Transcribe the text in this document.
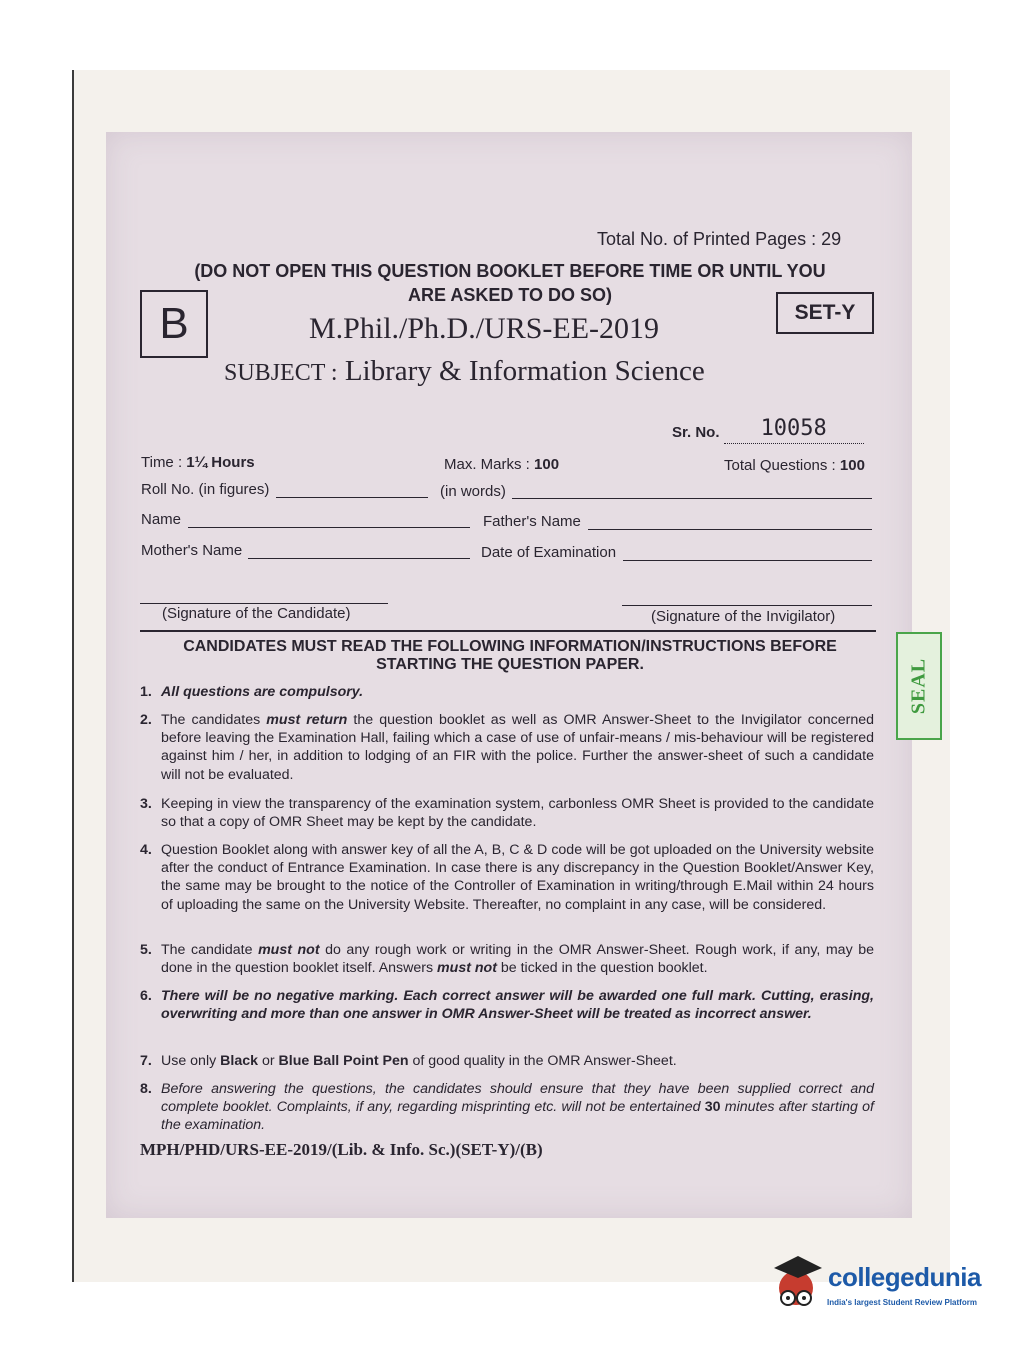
Total No. of Printed Pages : 29
(DO NOT OPEN THIS QUESTION BOOKLET BEFORE TIME OR UNTIL YOU
ARE ASKED TO DO SO)
B	SET-Y
M.Phil./Ph.D./URS-EE-2019
SUBJECT : Library & Information Science
Sr. No. 10058
Time : 1¼ Hours	Max. Marks : 100	Total Questions : 100
Roll No. (in figures)	(in words)
Name	Father's Name
Mother's Name	Date of Examination
(Signature of the Candidate)	(Signature of the Invigilator)
CANDIDATES MUST READ THE FOLLOWING INFORMATION/INSTRUCTIONS BEFORE
STARTING THE QUESTION PAPER.
1. All questions are compulsory.
2. The candidates must return the question booklet as well as OMR Answer-Sheet to the Invigilator concerned before leaving the Examination Hall, failing which a case of use of unfair-means / mis-behaviour will be registered against him / her, in addition to lodging of an FIR with the police. Further the answer-sheet of such a candidate will not be evaluated.
3. Keeping in view the transparency of the examination system, carbonless OMR Sheet is provided to the candidate so that a copy of OMR Sheet may be kept by the candidate.
4. Question Booklet along with answer key of all the A, B, C & D code will be got uploaded on the University website after the conduct of Entrance Examination. In case there is any discrepancy in the Question Booklet/Answer Key, the same may be brought to the notice of the Controller of Examination in writing/through E.Mail within 24 hours of uploading the same on the University Website. Thereafter, no complaint in any case, will be considered.
5. The candidate must not do any rough work or writing in the OMR Answer-Sheet. Rough work, if any, may be done in the question booklet itself. Answers must not be ticked in the question booklet.
6. There will be no negative marking. Each correct answer will be awarded one full mark. Cutting, erasing, overwriting and more than one answer in OMR Answer-Sheet will be treated as incorrect answer.
7. Use only Black or Blue Ball Point Pen of good quality in the OMR Answer-Sheet.
8. Before answering the questions, the candidates should ensure that they have been supplied correct and complete booklet. Complaints, if any, regarding misprinting etc. will not be entertained 30 minutes after starting of the examination.
MPH/PHD/URS-EE-2019/(Lib. & Info. Sc.)(SET-Y)/(B)
SEAL
collegedunia
India's largest Student Review Platform
